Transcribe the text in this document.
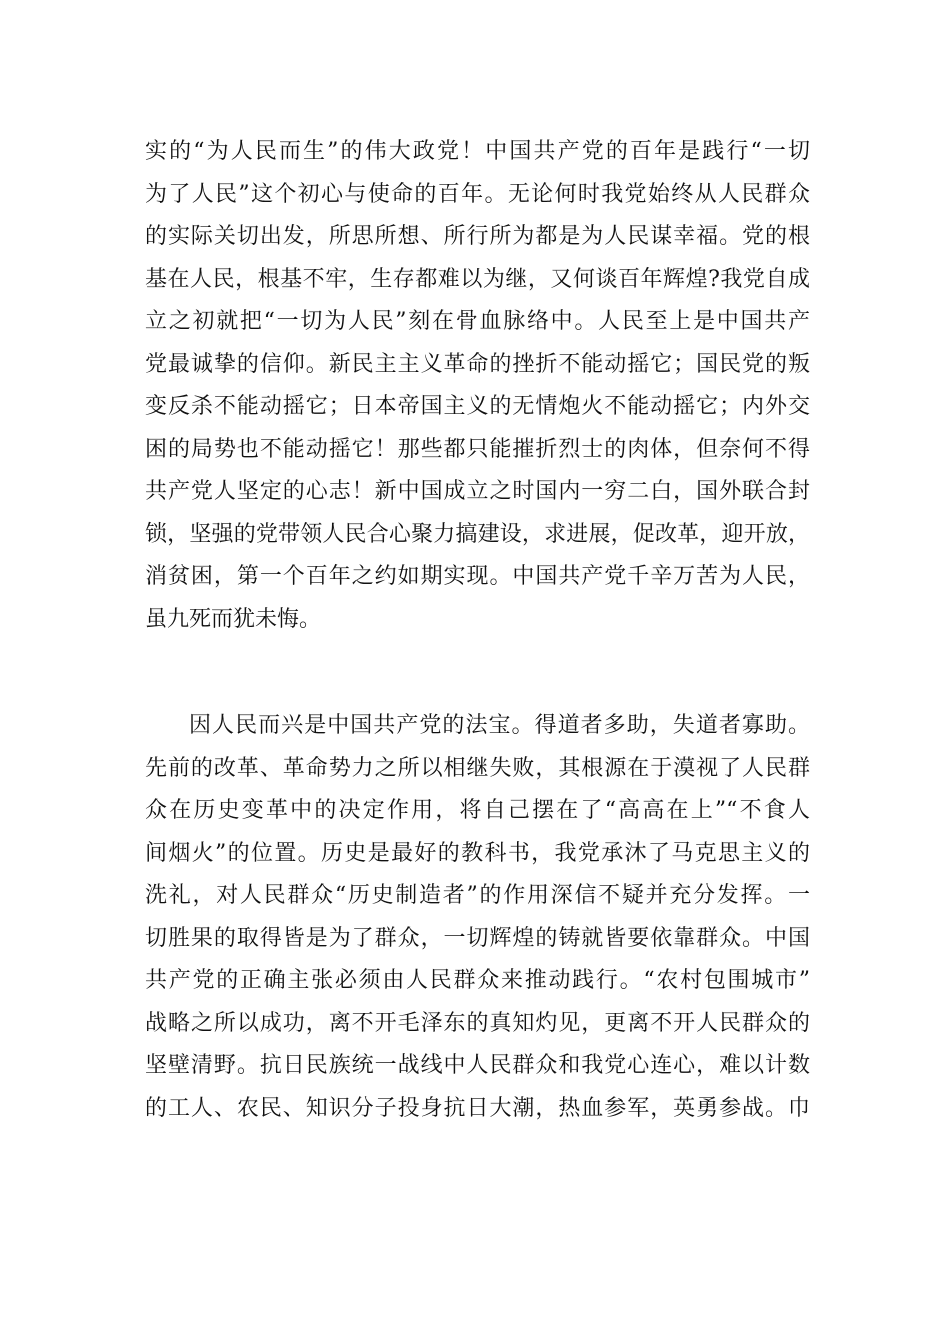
实的“为人民而生”的伟大政党！中国共产党的百年是践行“一切
为了人民”这个初心与使命的百年。无论何时我党始终从人民群众
的实际关切出发，所思所想、所行所为都是为人民谋幸福。党的根
基在人民，根基不牢，生存都难以为继，又何谈百年辉煌?我党自成
立之初就把“一切为人民”刻在骨血脉络中。人民至上是中国共产
党最诚挚的信仰。新民主主义革命的挫折不能动摇它；国民党的叛
变反杀不能动摇它；日本帝国主义的无情炮火不能动摇它；内外交
困的局势也不能动摇它！那些都只能摧折烈士的肉体，但奈何不得
共产党人坚定的心志！新中国成立之时国内一穷二白，国外联合封
锁，坚强的党带领人民合心聚力搞建设，求进展，促改革，迎开放，
消贫困，第一个百年之约如期实现。中国共产党千辛万苦为人民，
虽九死而犹未悔。
因人民而兴是中国共产党的法宝。得道者多助，失道者寡助。
先前的改革、革命势力之所以相继失败，其根源在于漠视了人民群
众在历史变革中的决定作用，将自己摆在了“高高在上”“不食人
间烟火”的位置。历史是最好的教科书，我党承沐了马克思主义的
洗礼，对人民群众“历史制造者”的作用深信不疑并充分发挥。一
切胜果的取得皆是为了群众，一切辉煌的铸就皆要依靠群众。中国
共产党的正确主张必须由人民群众来推动践行。“农村包围城市”
战略之所以成功，离不开毛泽东的真知灼见，更离不开人民群众的
坚壁清野。抗日民族统一战线中人民群众和我党心连心，难以计数
的工人、农民、知识分子投身抗日大潮，热血参军，英勇参战。巾
